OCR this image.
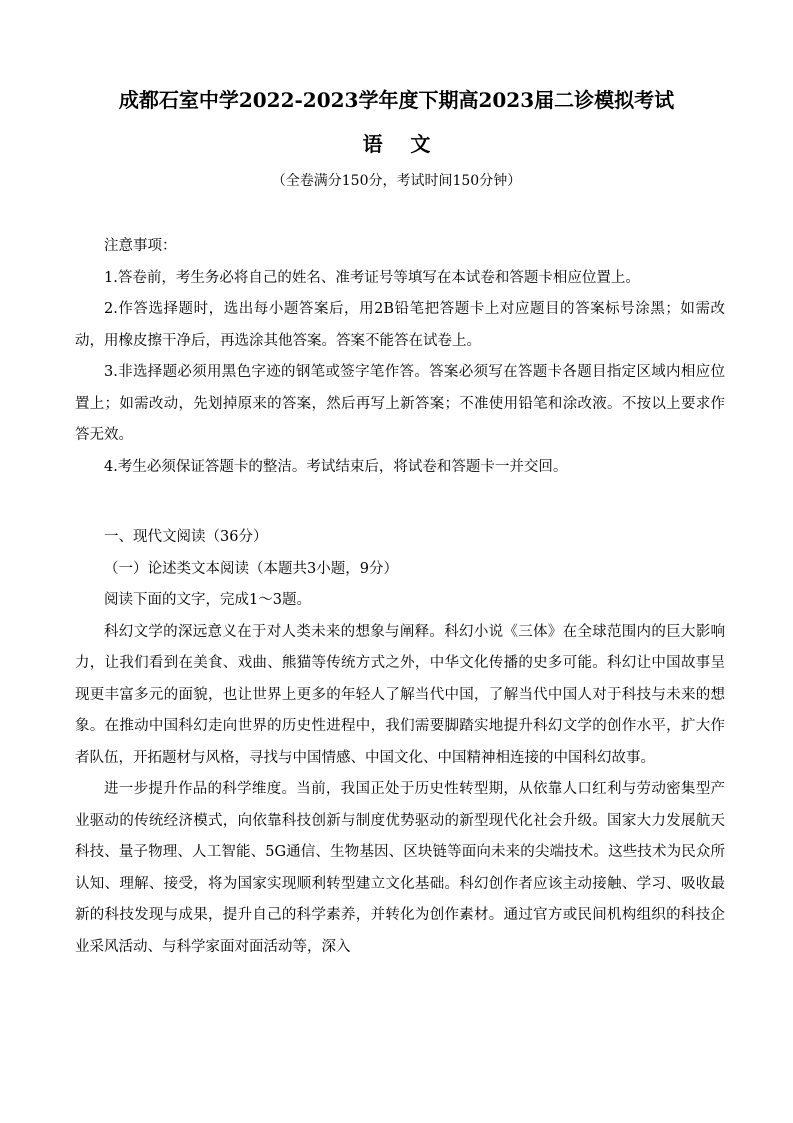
成都石室中学2022-2023学年度下期高2023届二诊模拟考试
语    文
（全卷满分150分，考试时间150分钟）

注意事项：

1.答卷前，考生务必将自己的姓名、准考证号等填写在本试卷和答题卡相应位置上。

2.作答选择题时，选出每小题答案后，用2B铅笔把答题卡上对应题目的答案标号涂黑；如需改动，用橡皮擦干净后，再选涂其他答案。答案不能答在试卷上。

3.非选择题必须用黑色字迹的钢笔或签字笔作答。答案必须写在答题卡各题目指定区域内相应位置上；如需改动，先划掉原来的答案，然后再写上新答案；不准使用铅笔和涂改液。不按以上要求作答无效。

4.考生必须保证答题卡的整洁。考试结束后，将试卷和答题卡一并交回。

一、现代文阅读（36分）

（一）论述类文本阅读（本题共3小题，9分）

阅读下面的文字，完成1～3题。

科幻文学的深远意义在于对人类未来的想象与阐释。科幻小说《三体》在全球范围内的巨大影响力，让我们看到在美食、戏曲、熊猫等传统方式之外，中华文化传播的史多可能。科幻让中国故事呈现更丰富多元的面貌，也让世界上更多的年轻人了解当代中国，了解当代中国人对于科技与未来的想象。在推动中国科幻走向世界的历史性进程中，我们需要脚踏实地提升科幻文学的创作水平，扩大作者队伍，开拓题材与风格，寻找与中国情感、中国文化、中国精神相连接的中国科幻故事。

进一步提升作品的科学维度。当前，我国正处于历史性转型期，从依靠人口红利与劳动密集型产业驱动的传统经济模式，向依靠科技创新与制度优势驱动的新型现代化社会升级。国家大力发展航天科技、量子物理、人工智能、5G通信、生物基因、区块链等面向未来的尖端技术。这些技术为民众所认知、理解、接受，将为国家实现顺利转型建立文化基础。科幻创作者应该主动接触、学习、吸收最新的科技发现与成果，提升自己的科学素养，并转化为创作素材。通过官方或民间机构组织的科技企业采风活动、与科学家面对面活动等，深入
